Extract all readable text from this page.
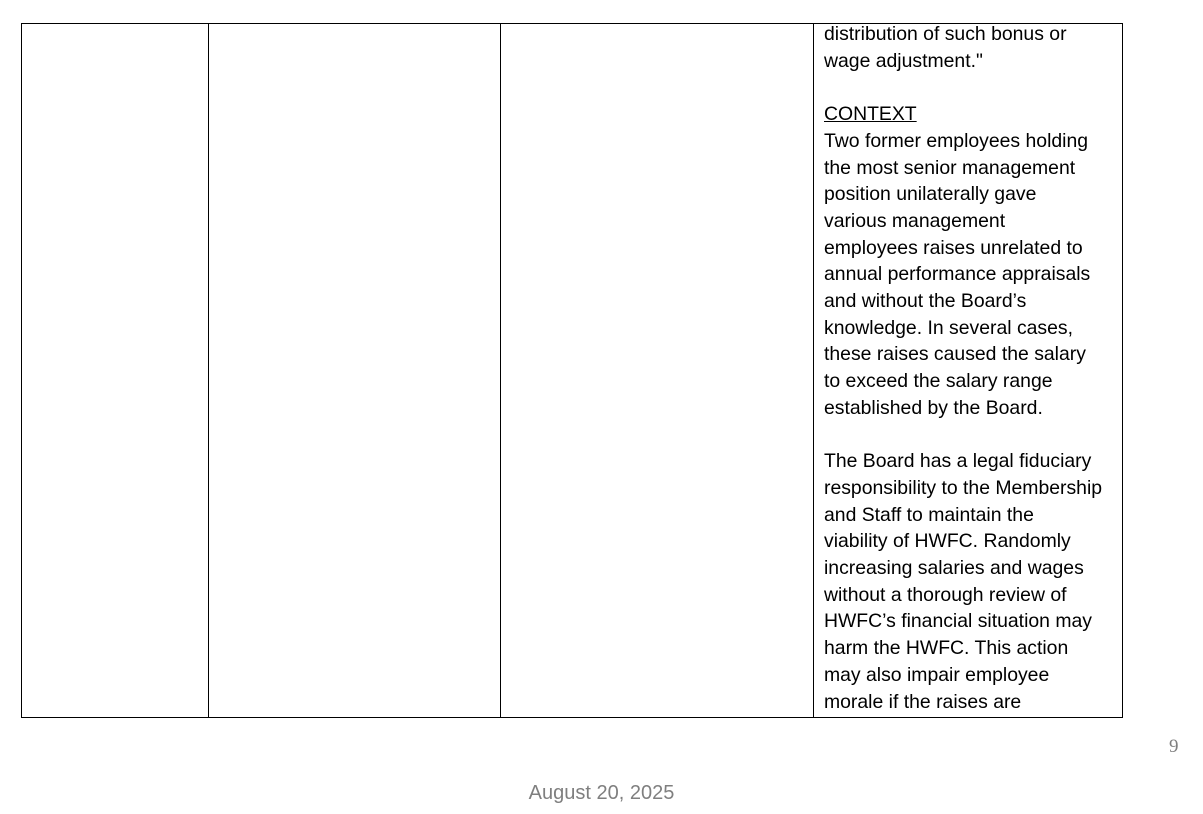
distribution of such bonus or
wage adjustment."

CONTEXT

Two former employees holding
the most senior management
position unilaterally gave
various management
employees raises unrelated to
annual performance appraisals
and without the Board’s
knowledge. In several cases,
these raises caused the salary
to exceed the salary range
established by the Board.

The Board has a legal fiduciary
responsibility to the Membership
and Staff to maintain the
viability of HWFC. Randomly
increasing salaries and wages
without a thorough review of
HWFC’s financial situation may
harm the HWFC. This action
may also impair employee
morale if the raises are

9
August 20, 2025
